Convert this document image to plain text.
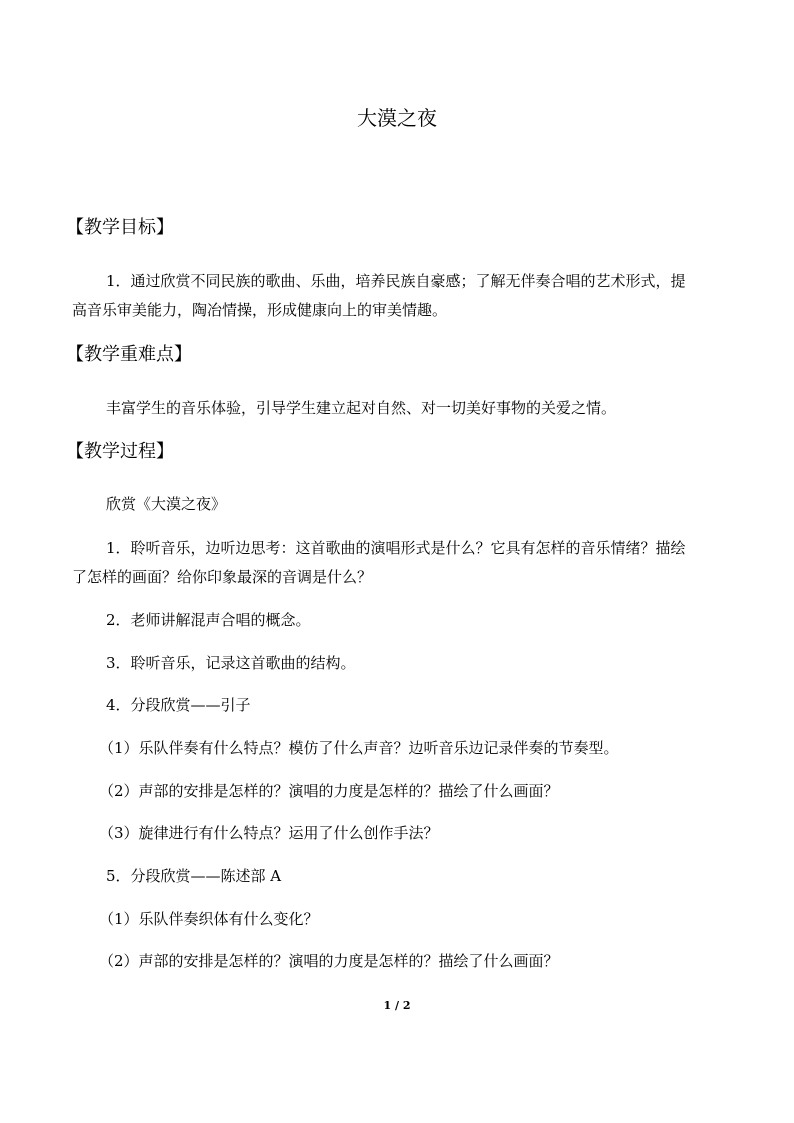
大漠之夜
【教学目标】
1．通过欣赏不同民族的歌曲、乐曲，培养民族自豪感；了解无伴奏合唱的艺术形式，提
高音乐审美能力，陶冶情操，形成健康向上的审美情趣。
【教学重难点】
丰富学生的音乐体验，引导学生建立起对自然、对一切美好事物的关爱之情。
【教学过程】
欣赏《大漠之夜》
1．聆听音乐，边听边思考：这首歌曲的演唱形式是什么？它具有怎样的音乐情绪？描绘
了怎样的画面？给你印象最深的音调是什么？
2．老师讲解混声合唱的概念。
3．聆听音乐，记录这首歌曲的结构。
4．分段欣赏——引子
（1）乐队伴奏有什么特点？模仿了什么声音？边听音乐边记录伴奏的节奏型。
（2）声部的安排是怎样的？演唱的力度是怎样的？描绘了什么画面？
（3）旋律进行有什么特点？运用了什么创作手法？
5．分段欣赏——陈述部 A
（1）乐队伴奏织体有什么变化？
（2）声部的安排是怎样的？演唱的力度是怎样的？描绘了什么画面？
1 / 2
